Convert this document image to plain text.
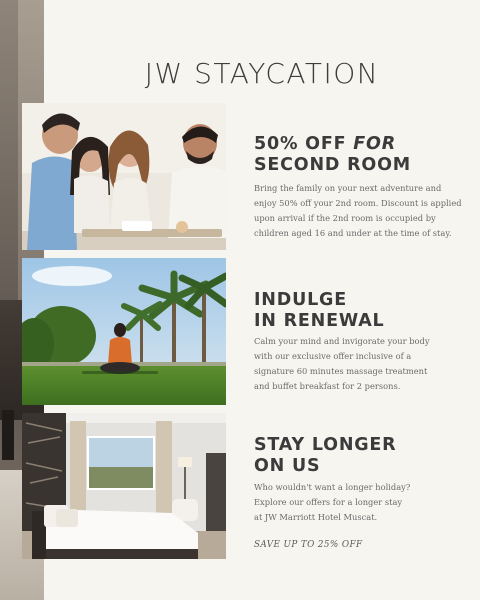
JW STAYCATION
50% OFF FOR
SECOND ROOM

Bring the family on your next adventure and
enjoy 50% off your 2nd room. Discount is applied
upon arrival if the 2nd room is occupied by
children aged 16 and under at the time of stay.

INDULGE
IN RENEWAL

Calm your mind and invigorate your body
with our exclusive offer inclusive of a
signature 60 minutes massage treatment
and buffet breakfast for 2 persons.

STAY LONGER
ON US

Who wouldn't want a longer holiday?
Explore our offers for a longer stay
at JW Marriott Hotel Muscat.

SAVE UP TO 25% OFF
